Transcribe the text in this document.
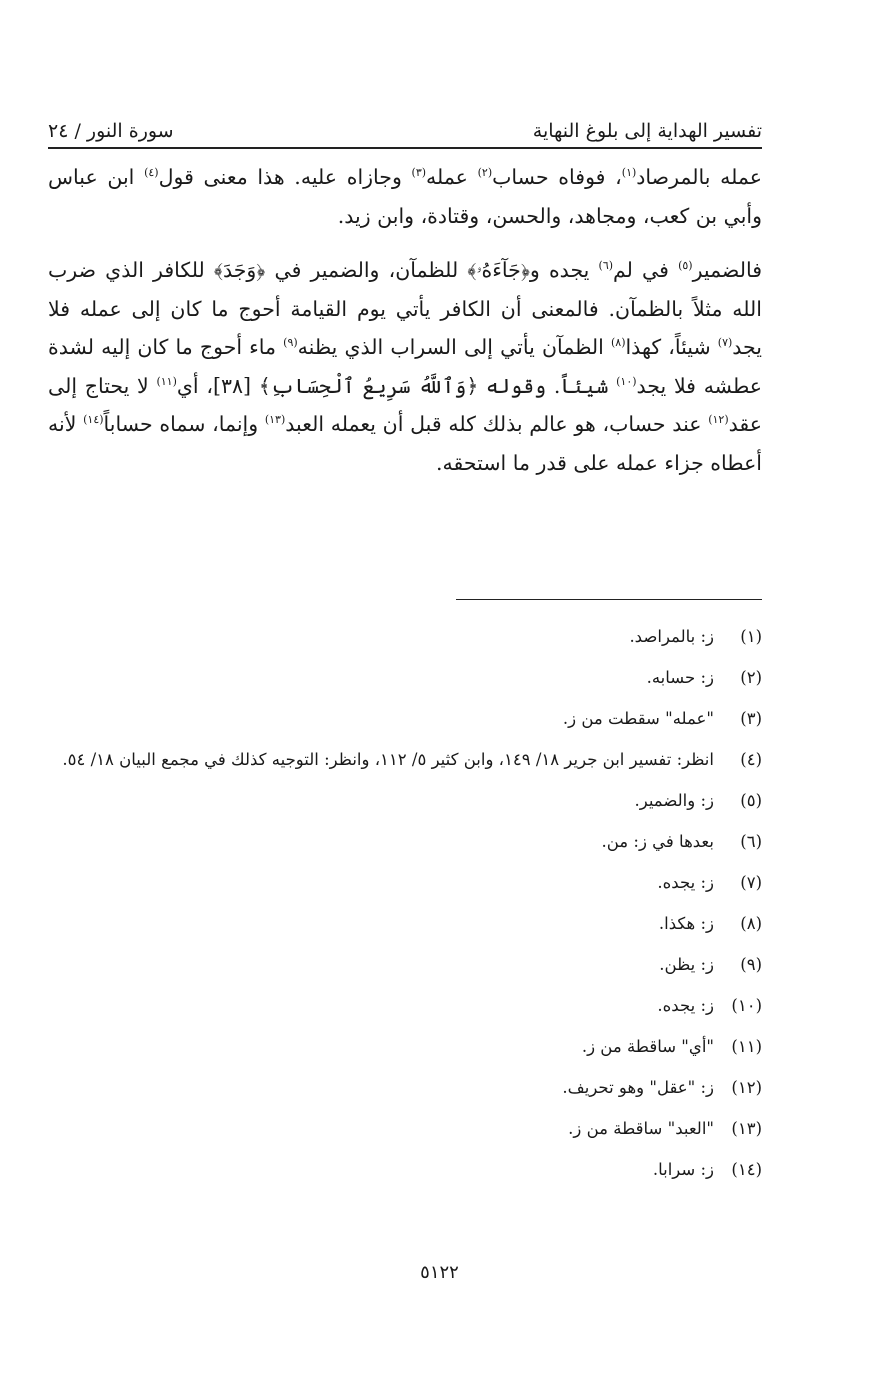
تفسير الهداية إلى بلوغ النهاية
سورة النور / ٢٤

عمله بالمرصاد$^{(١)}$، فوفاه حساب$^{(٢)}$ عمله$^{(٣)}$ وجازاه عليه. هذا معنى قول$^{(٤)}$ ابن عباس وأبي بن كعب، ومجاهد، والحسن، وقتادة، وابن زيد.

فالضمير$^{(٥)}$ في لم$^{(٦)}$ يجده و﴿جَآءَهُۥ﴾ للظمآن، والضمير في ﴿وَجَدَ﴾ للكافر الذي ضرب الله مثلاً بالظمآن. فالمعنى أن الكافر يأتي يوم القيامة أحوج ما كان إلى عمله فلا يجد$^{(٧)}$ شيئاً، كهذا$^{(٨)}$ الظمآن يأتي إلى السراب الذي يظنه$^{(٩)}$ ماء أحوج ما كان إليه لشدة عطشه فلا يجد$^{(١٠)}$ شيئاً. وقوله ﴿وَٱللَّهُ سَرِيعُ ٱلْحِسَابِ﴾ [٣٨]، أي$^{(١١)}$ لا يحتاج إلى عقد$^{(١٢)}$ عند حساب، هو عالم بذلك كله قبل أن يعمله العبد$^{(١٣)}$ وإنما، سماه حساباً$^{(١٤)}$ لأنه أعطاه جزاء عمله على قدر ما استحقه.

(١)
ز: بالمراصد.
(٢)
ز: حسابه.
(٣)
"عمله" سقطت من ز.
(٤)
انظر: تفسير ابن جرير ١٨/ ١٤٩، وابن كثير ٥/ ١١٢، وانظر: التوجيه كذلك في مجمع البيان ١٨/ ٥٤.
(٥)
ز: والضمير.
(٦)
بعدها في ز: من.
(٧)
ز: يجده.
(٨)
ز: هكذا.
(٩)
ز: يظن.
(١٠)
ز: يجده.
(١١)
"أي" ساقطة من ز.
(١٢)
ز: "عقل" وهو تحريف.
(١٣)
"العبد" ساقطة من ز.
(١٤)
ز: سرابا.
٥١٢٢
